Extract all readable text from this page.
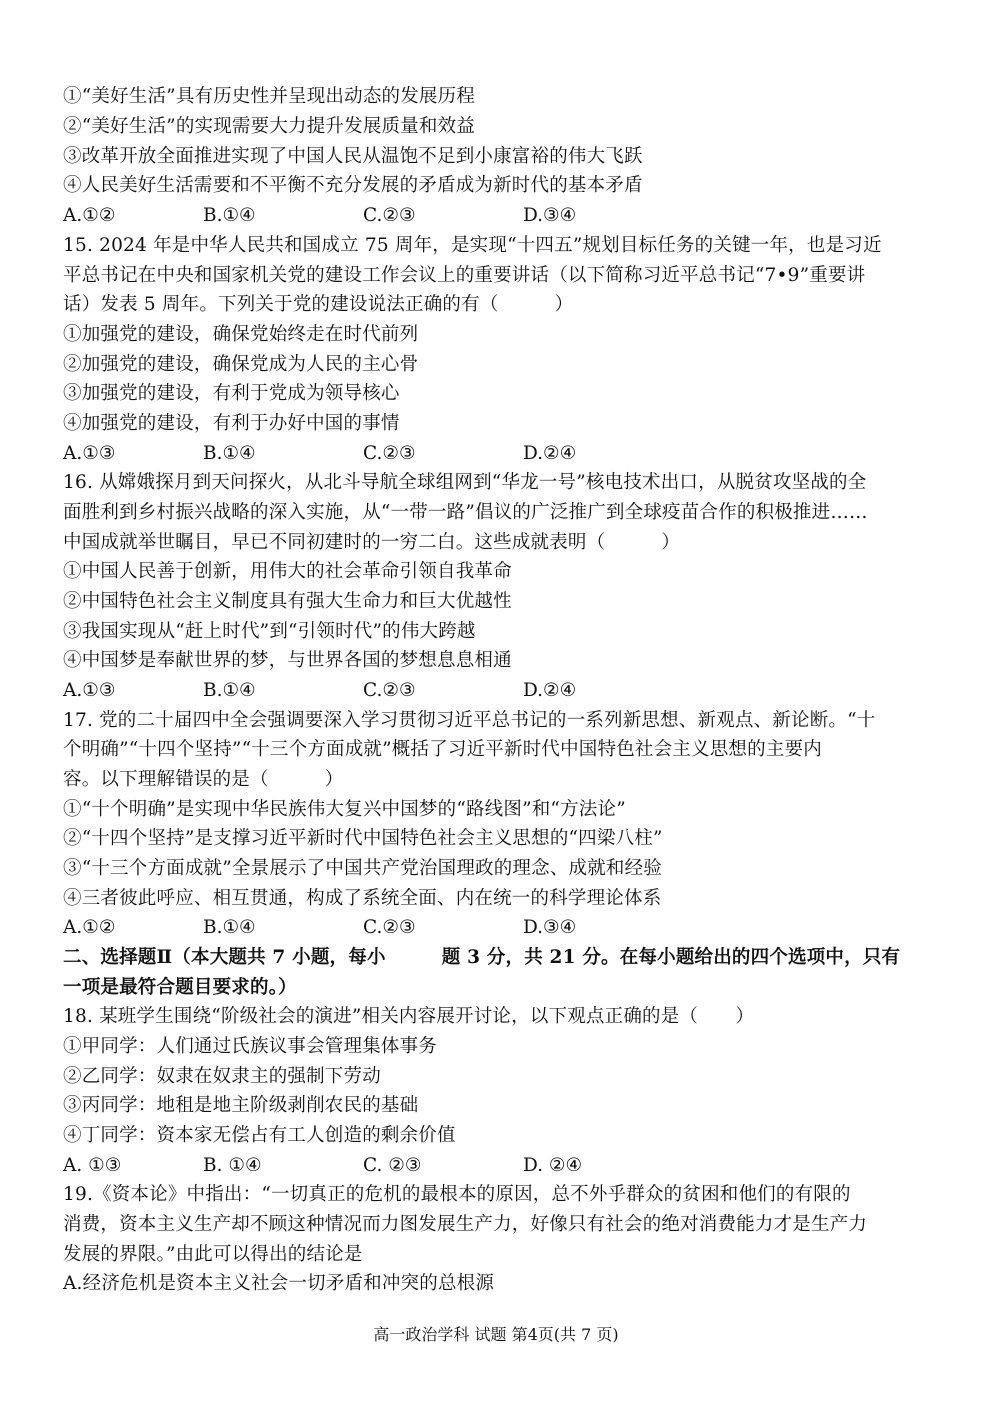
①“美好生活”具有历史性并呈现出动态的发展历程
②“美好生活”的实现需要大力提升发展质量和效益
③改革开放全面推进实现了中国人民从温饱不足到小康富裕的伟大飞跃
④人民美好生活需要和不平衡不充分发展的矛盾成为新时代的基本矛盾
A.①②	B.①④	C.②③	D.③④
15. 2024 年是中华人民共和国成立 75 周年，是实现“十四五”规划目标任务的关键一年，也是习近
平总书记在中央和国家机关党的建设工作会议上的重要讲话（以下简称习近平总书记“7•9”重要讲
话）发表 5 周年。下列关于党的建设说法正确的有（　　　）
①加强党的建设，确保党始终走在时代前列
②加强党的建设，确保党成为人民的主心骨
③加强党的建设，有利于党成为领导核心
④加强党的建设，有利于办好中国的事情
A.①③	B.①④	C.②③	D.②④
16. 从嫦娥探月到天问探火，从北斗导航全球组网到“华龙一号”核电技术出口，从脱贫攻坚战的全
面胜利到乡村振兴战略的深入实施，从“一带一路”倡议的广泛推广到全球疫苗合作的积极推进……
中国成就举世瞩目，早已不同初建时的一穷二白。这些成就表明（　　　）
①中国人民善于创新，用伟大的社会革命引领自我革命
②中国特色社会主义制度具有强大生命力和巨大优越性
③我国实现从“赶上时代”到“引领时代”的伟大跨越
④中国梦是奉献世界的梦，与世界各国的梦想息息相通
A.①③	B.①④	C.②③	D.②④
17. 党的二十届四中全会强调要深入学习贯彻习近平总书记的一系列新思想、新观点、新论断。“十
个明确”“十四个坚持”“十三个方面成就”概括了习近平新时代中国特色社会主义思想的主要内
容。以下理解错误的是（　　　）
①“十个明确”是实现中华民族伟大复兴中国梦的“路线图”和“方法论”
②“十四个坚持”是支撑习近平新时代中国特色社会主义思想的“四梁八柱”
③“十三个方面成就”全景展示了中国共产党治国理政的理念、成就和经验
④三者彼此呼应、相互贯通，构成了系统全面、内在统一的科学理论体系
A.①②	B.①④	C.②③	D.③④
二、选择题Ⅱ（本大题共 7 小题，每小　　　题 3 分，共 21 分。在每小题给出的四个选项中，只有
一项是最符合题目要求的。）
18. 某班学生围绕“阶级社会的演进”相关内容展开讨论，以下观点正确的是（　　）
①甲同学：人们通过氏族议事会管理集体事务
②乙同学：奴隶在奴隶主的强制下劳动
③丙同学：地租是地主阶级剥削农民的基础
④丁同学：资本家无偿占有工人创造的剩余价值
A. ①③	B. ①④	C. ②③	D. ②④
19.《资本论》中指出：“一切真正的危机的最根本的原因，总不外乎群众的贫困和他们的有限的
消费，资本主义生产却不顾这种情况而力图发展生产力，好像只有社会的绝对消费能力才是生产力
发展的界限。”由此可以得出的结论是
A.经济危机是资本主义社会一切矛盾和冲突的总根源
高一政治学科 试题 第4页(共 7 页)
